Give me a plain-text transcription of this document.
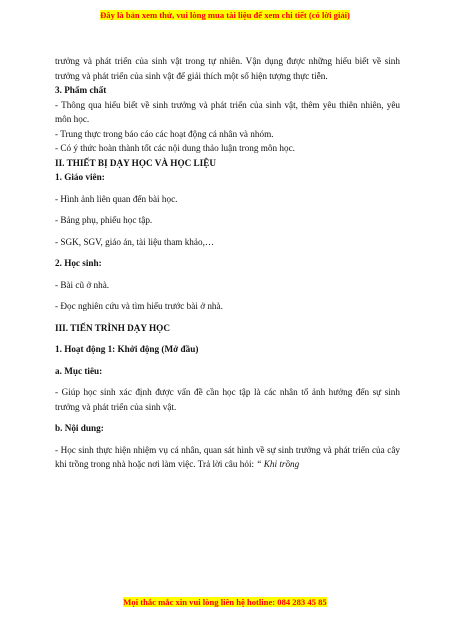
Đây là bản xem thử, vui lòng mua tài liệu để xem chi tiết (có lời giải)

trưởng và phát triển của sinh vật trong tự nhiên. Vận dụng được những hiểu biết về sinh trưởng và phát triển của sinh vật để giải thích một số hiện tượng thực tiễn.

3. Phẩm chất

- Thông qua hiểu biết về sinh trưởng và phát triển của sinh vật, thêm yêu thiên nhiên, yêu môn học.

- Trung thực trong báo cáo các hoạt động cá nhân và nhóm.

- Có ý thức hoàn thành tốt các nội dung thảo luận trong môn học.

II. THIẾT BỊ DẠY HỌC VÀ HỌC LIỆU

1. Giáo viên:

- Hình ảnh liên quan đến bài học.

- Bảng phụ, phiếu học tập.

- SGK, SGV, giáo án, tài liệu tham khảo,…

2. Học sinh:

- Bài cũ ở nhà.

- Đọc nghiên cứu và tìm hiểu trước bài ở nhà.

III. TIẾN TRÌNH DẠY HỌC

1. Hoạt động 1: Khởi động (Mở đầu)

a. Mục tiêu:

- Giúp học sinh xác định được vấn đề cần học tập là các nhân tố ảnh hưởng đến sự sinh trưởng và phát triển của sinh vật.

b. Nội dung:

- Học sinh thực hiện nhiệm vụ cá nhân, quan sát hình về sự sinh trưởng và phát triển của cây khi trồng trong nhà hoặc nơi làm việc. Trả lời câu hỏi: “ Khi trồng

Mọi thắc mắc xin vui lòng liên hệ hotline: 084 283 45 85
